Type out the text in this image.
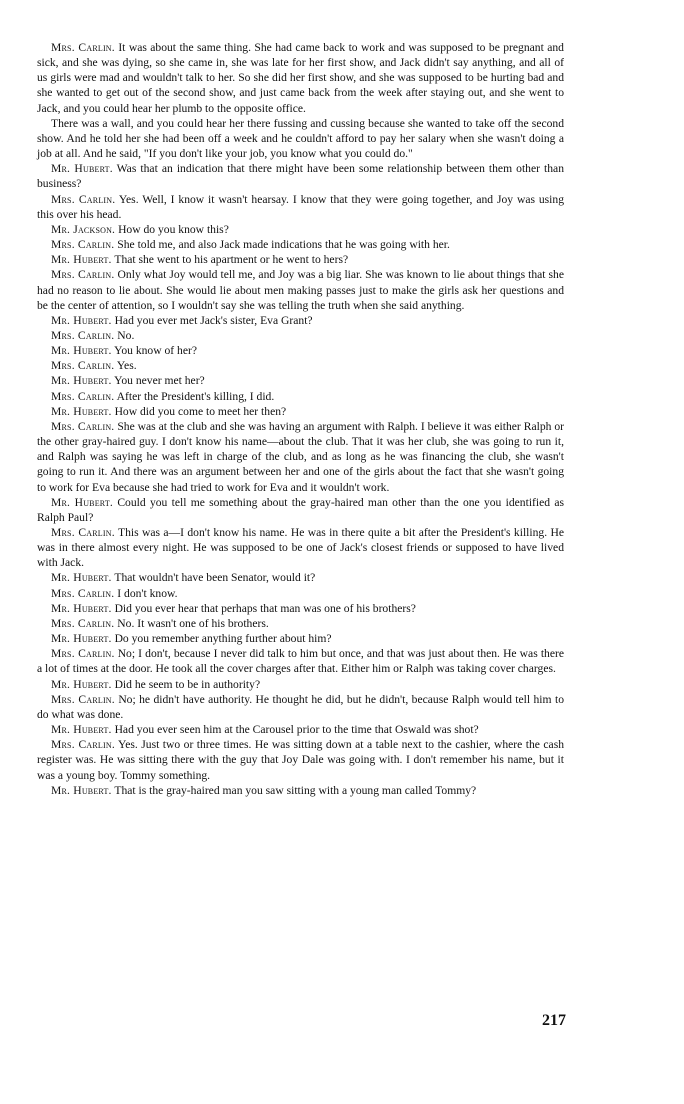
Mrs. Carlin. It was about the same thing. She had came back to work and was supposed to be pregnant and sick, and she was dying, so she came in, she was late for her first show, and Jack didn't say anything, and all of us girls were mad and wouldn't talk to her. So she did her first show, and she was supposed to be hurting bad and she wanted to get out of the second show, and just came back from the week after staying out, and she went to Jack, and you could hear her plumb to the opposite office.

There was a wall, and you could hear her there fussing and cussing because she wanted to take off the second show. And he told her she had been off a week and he couldn't afford to pay her salary when she wasn't doing a job at all. And he said, "If you don't like your job, you know what you could do."

Mr. Hubert. Was that an indication that there might have been some relationship between them other than business?

Mrs. Carlin. Yes. Well, I know it wasn't hearsay. I know that they were going together, and Joy was using this over his head.

Mr. Jackson. How do you know this?

Mrs. Carlin. She told me, and also Jack made indications that he was going with her.

Mr. Hubert. That she went to his apartment or he went to hers?

Mrs. Carlin. Only what Joy would tell me, and Joy was a big liar. She was known to lie about things that she had no reason to lie about. She would lie about men making passes just to make the girls ask her questions and be the center of attention, so I wouldn't say she was telling the truth when she said anything.

Mr. Hubert. Had you ever met Jack's sister, Eva Grant?

Mrs. Carlin. No.

Mr. Hubert. You know of her?

Mrs. Carlin. Yes.

Mr. Hubert. You never met her?

Mrs. Carlin. After the President's killing, I did.

Mr. Hubert. How did you come to meet her then?

Mrs. Carlin. She was at the club and she was having an argument with Ralph. I believe it was either Ralph or the other gray-haired guy. I don't know his name—about the club. That it was her club, she was going to run it, and Ralph was saying he was left in charge of the club, and as long as he was financing the club, she wasn't going to run it. And there was an argument between her and one of the girls about the fact that she wasn't going to work for Eva because she had tried to work for Eva and it wouldn't work.

Mr. Hubert. Could you tell me something about the gray-haired man other than the one you identified as Ralph Paul?

Mrs. Carlin. This was a—I don't know his name. He was in there quite a bit after the President's killing. He was in there almost every night. He was supposed to be one of Jack's closest friends or supposed to have lived with Jack.

Mr. Hubert. That wouldn't have been Senator, would it?

Mrs. Carlin. I don't know.

Mr. Hubert. Did you ever hear that perhaps that man was one of his brothers?

Mrs. Carlin. No. It wasn't one of his brothers.

Mr. Hubert. Do you remember anything further about him?

Mrs. Carlin. No; I don't, because I never did talk to him but once, and that was just about then. He was there a lot of times at the door. He took all the cover charges after that. Either him or Ralph was taking cover charges.

Mr. Hubert. Did he seem to be in authority?

Mrs. Carlin. No; he didn't have authority. He thought he did, but he didn't, because Ralph would tell him to do what was done.

Mr. Hubert. Had you ever seen him at the Carousel prior to the time that Oswald was shot?

Mrs. Carlin. Yes. Just two or three times. He was sitting down at a table next to the cashier, where the cash register was. He was sitting there with the guy that Joy Dale was going with. I don't remember his name, but it was a young boy. Tommy something.

Mr. Hubert. That is the gray-haired man you saw sitting with a young man called Tommy?

217
